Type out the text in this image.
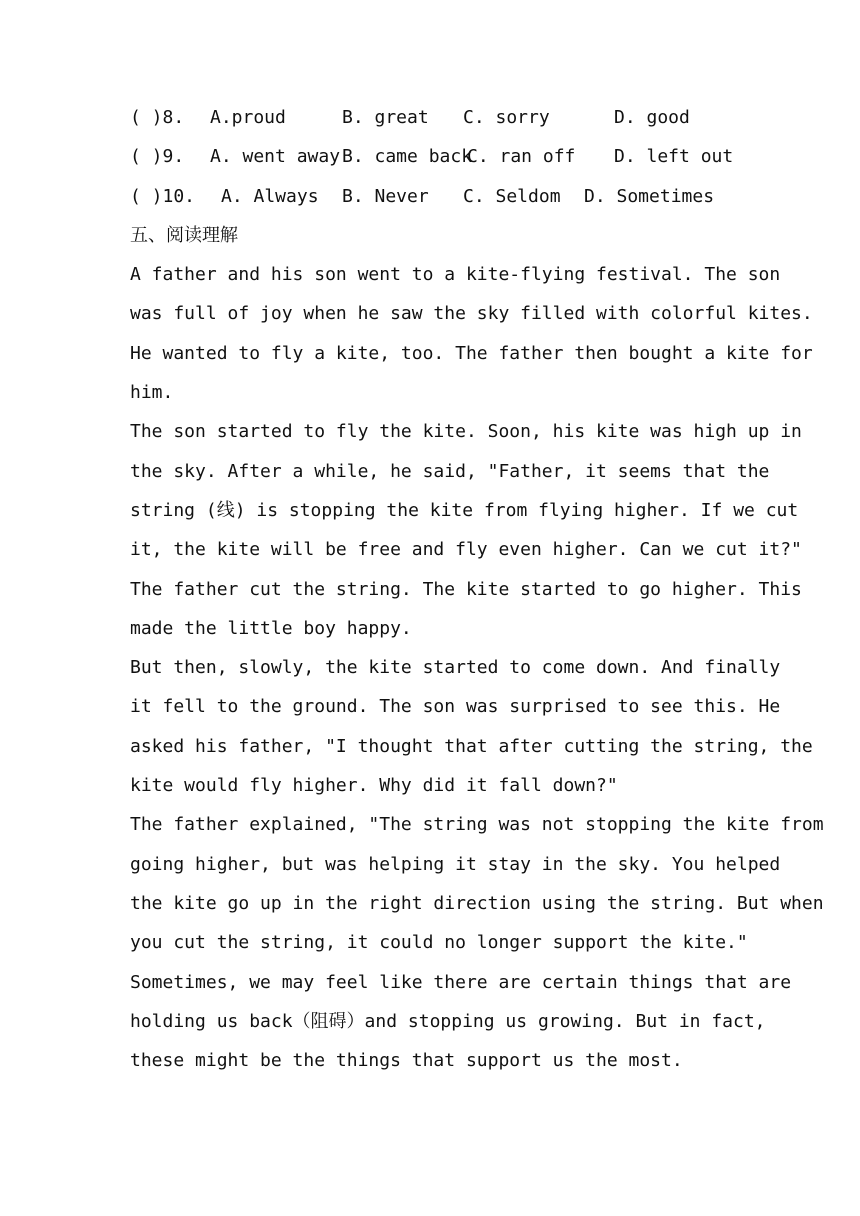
( )8. A.proud	B. great C. sorry	D. good
( )9. A. went away B. came back
C. ran off D. left out
( )10. A. Always B. Never C. Seldom D. Sometimes
五、阅读理解
A father and his son went to a kite-flying festival. The son
was full of joy when he saw the sky filled with colorful kites.
He wanted to fly a kite, too. The father then bought a kite for
him.
The son started to fly the kite. Soon, his kite was high up in
the sky. After a while, he said, "Father, it seems that the
string (线) is stopping the kite from flying higher. If we cut
it, the kite will be free and fly even higher. Can we cut it?"
The father cut the string. The kite started to go higher. This
made the little boy happy.
But then, slowly, the kite started to come down. And finally
it fell to the ground. The son was surprised to see this. He
asked his father, "I thought that after cutting the string, the
kite would fly higher. Why did it fall down?"
The father explained, "The string was not stopping the kite from
going higher, but was helping it stay in the sky. You helped
the kite go up in the right direction using the string. But when
you cut the string, it could no longer support the kite."
Sometimes, we may feel like there are certain things that are
holding us back（阻碍）and stopping us growing. But in fact,
these might be the things that support us the most.
